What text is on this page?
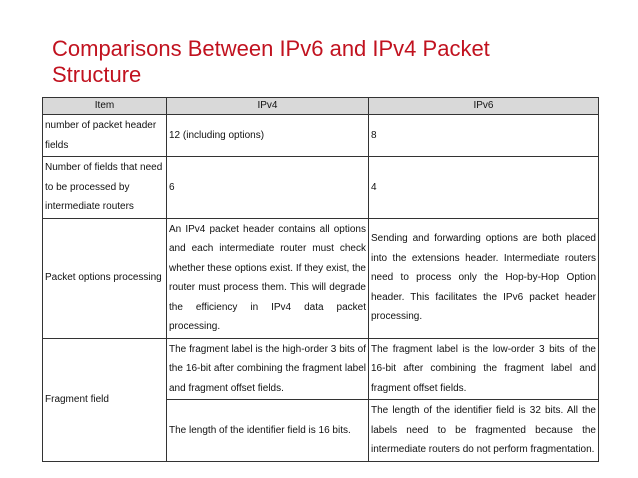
Comparisons Between IPv6 and IPv4 Packet
Structure
Item	IPv4	IPv6
number of packet header fields	12 (including options)	8
Number of fields that need to be processed by intermediate routers	6	4
Packet options processing	An IPv4 packet header contains all options and each intermediate router must check whether these options exist. If they exist, the router must process them. This will degrade the efficiency in IPv4 data packet processing.	Sending and forwarding options are both placed into the extensions header. Intermediate routers need to process only the Hop-by-Hop Option header. This facilitates the IPv6 packet header processing.
Fragment field	The fragment label is the high-order 3 bits of the 16-bit after combining the fragment label and fragment offset fields.	The fragment label is the low-order 3 bits of the 16-bit after combining the fragment label and fragment offset fields.
	The length of the identifier field is 16 bits.	The length of the identifier field is 32 bits. All the labels need to be fragmented because the intermediate routers do not perform fragmentation.
